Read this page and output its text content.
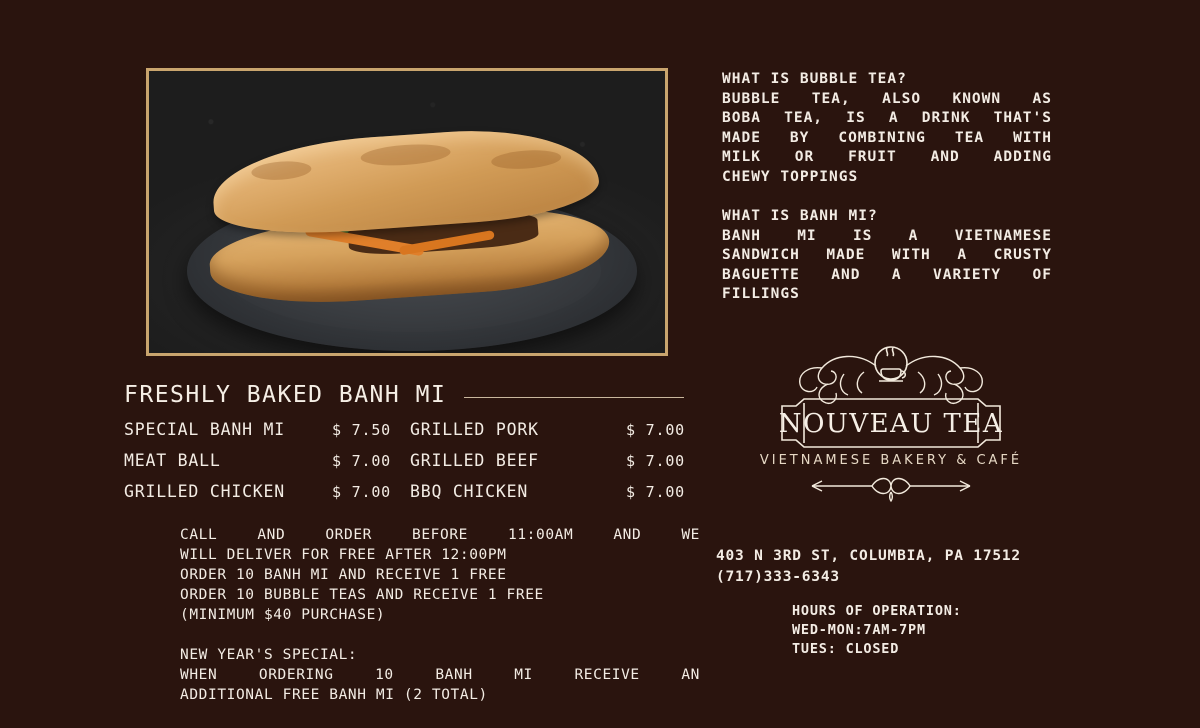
FRESHLY BAKED BANH MI
SPECIAL BANH MI	$ 7.50	GRILLED PORK	$ 7.00
MEAT BALL	$ 7.00	GRILLED BEEF	$ 7.00
GRILLED CHICKEN	$ 7.00	BBQ CHICKEN	$ 7.00

CALL AND ORDER BEFORE 11:00AM AND WE

WILL DELIVER FOR FREE AFTER 12:00PM

ORDER 10 BANH MI AND RECEIVE 1 FREE

ORDER 10 BUBBLE TEAS AND RECEIVE 1 FREE

(MINIMUM $40 PURCHASE)

NEW YEAR'S SPECIAL:

WHEN ORDERING 10 BANH MI RECEIVE AN

ADDITIONAL FREE BANH MI (2 TOTAL)

WHAT IS BUBBLE TEA?

BUBBLE TEA, ALSO KNOWN AS

BOBA TEA, IS A DRINK THAT'S

MADE BY COMBINING TEA WITH

MILK OR FRUIT AND ADDING

CHEWY TOPPINGS

WHAT IS BANH MI?

BANH MI IS A VIETNAMESE

SANDWICH MADE WITH A CRUSTY

BAGUETTE AND A VARIETY OF

FILLINGS

NOUVEAU TEA
VIETNAMESE BAKERY & CAFÉ

403 N 3RD ST, COLUMBIA, PA 17512

(717)333-6343

HOURS OF OPERATION:

WED-MON:7AM-7PM

TUES: CLOSED
